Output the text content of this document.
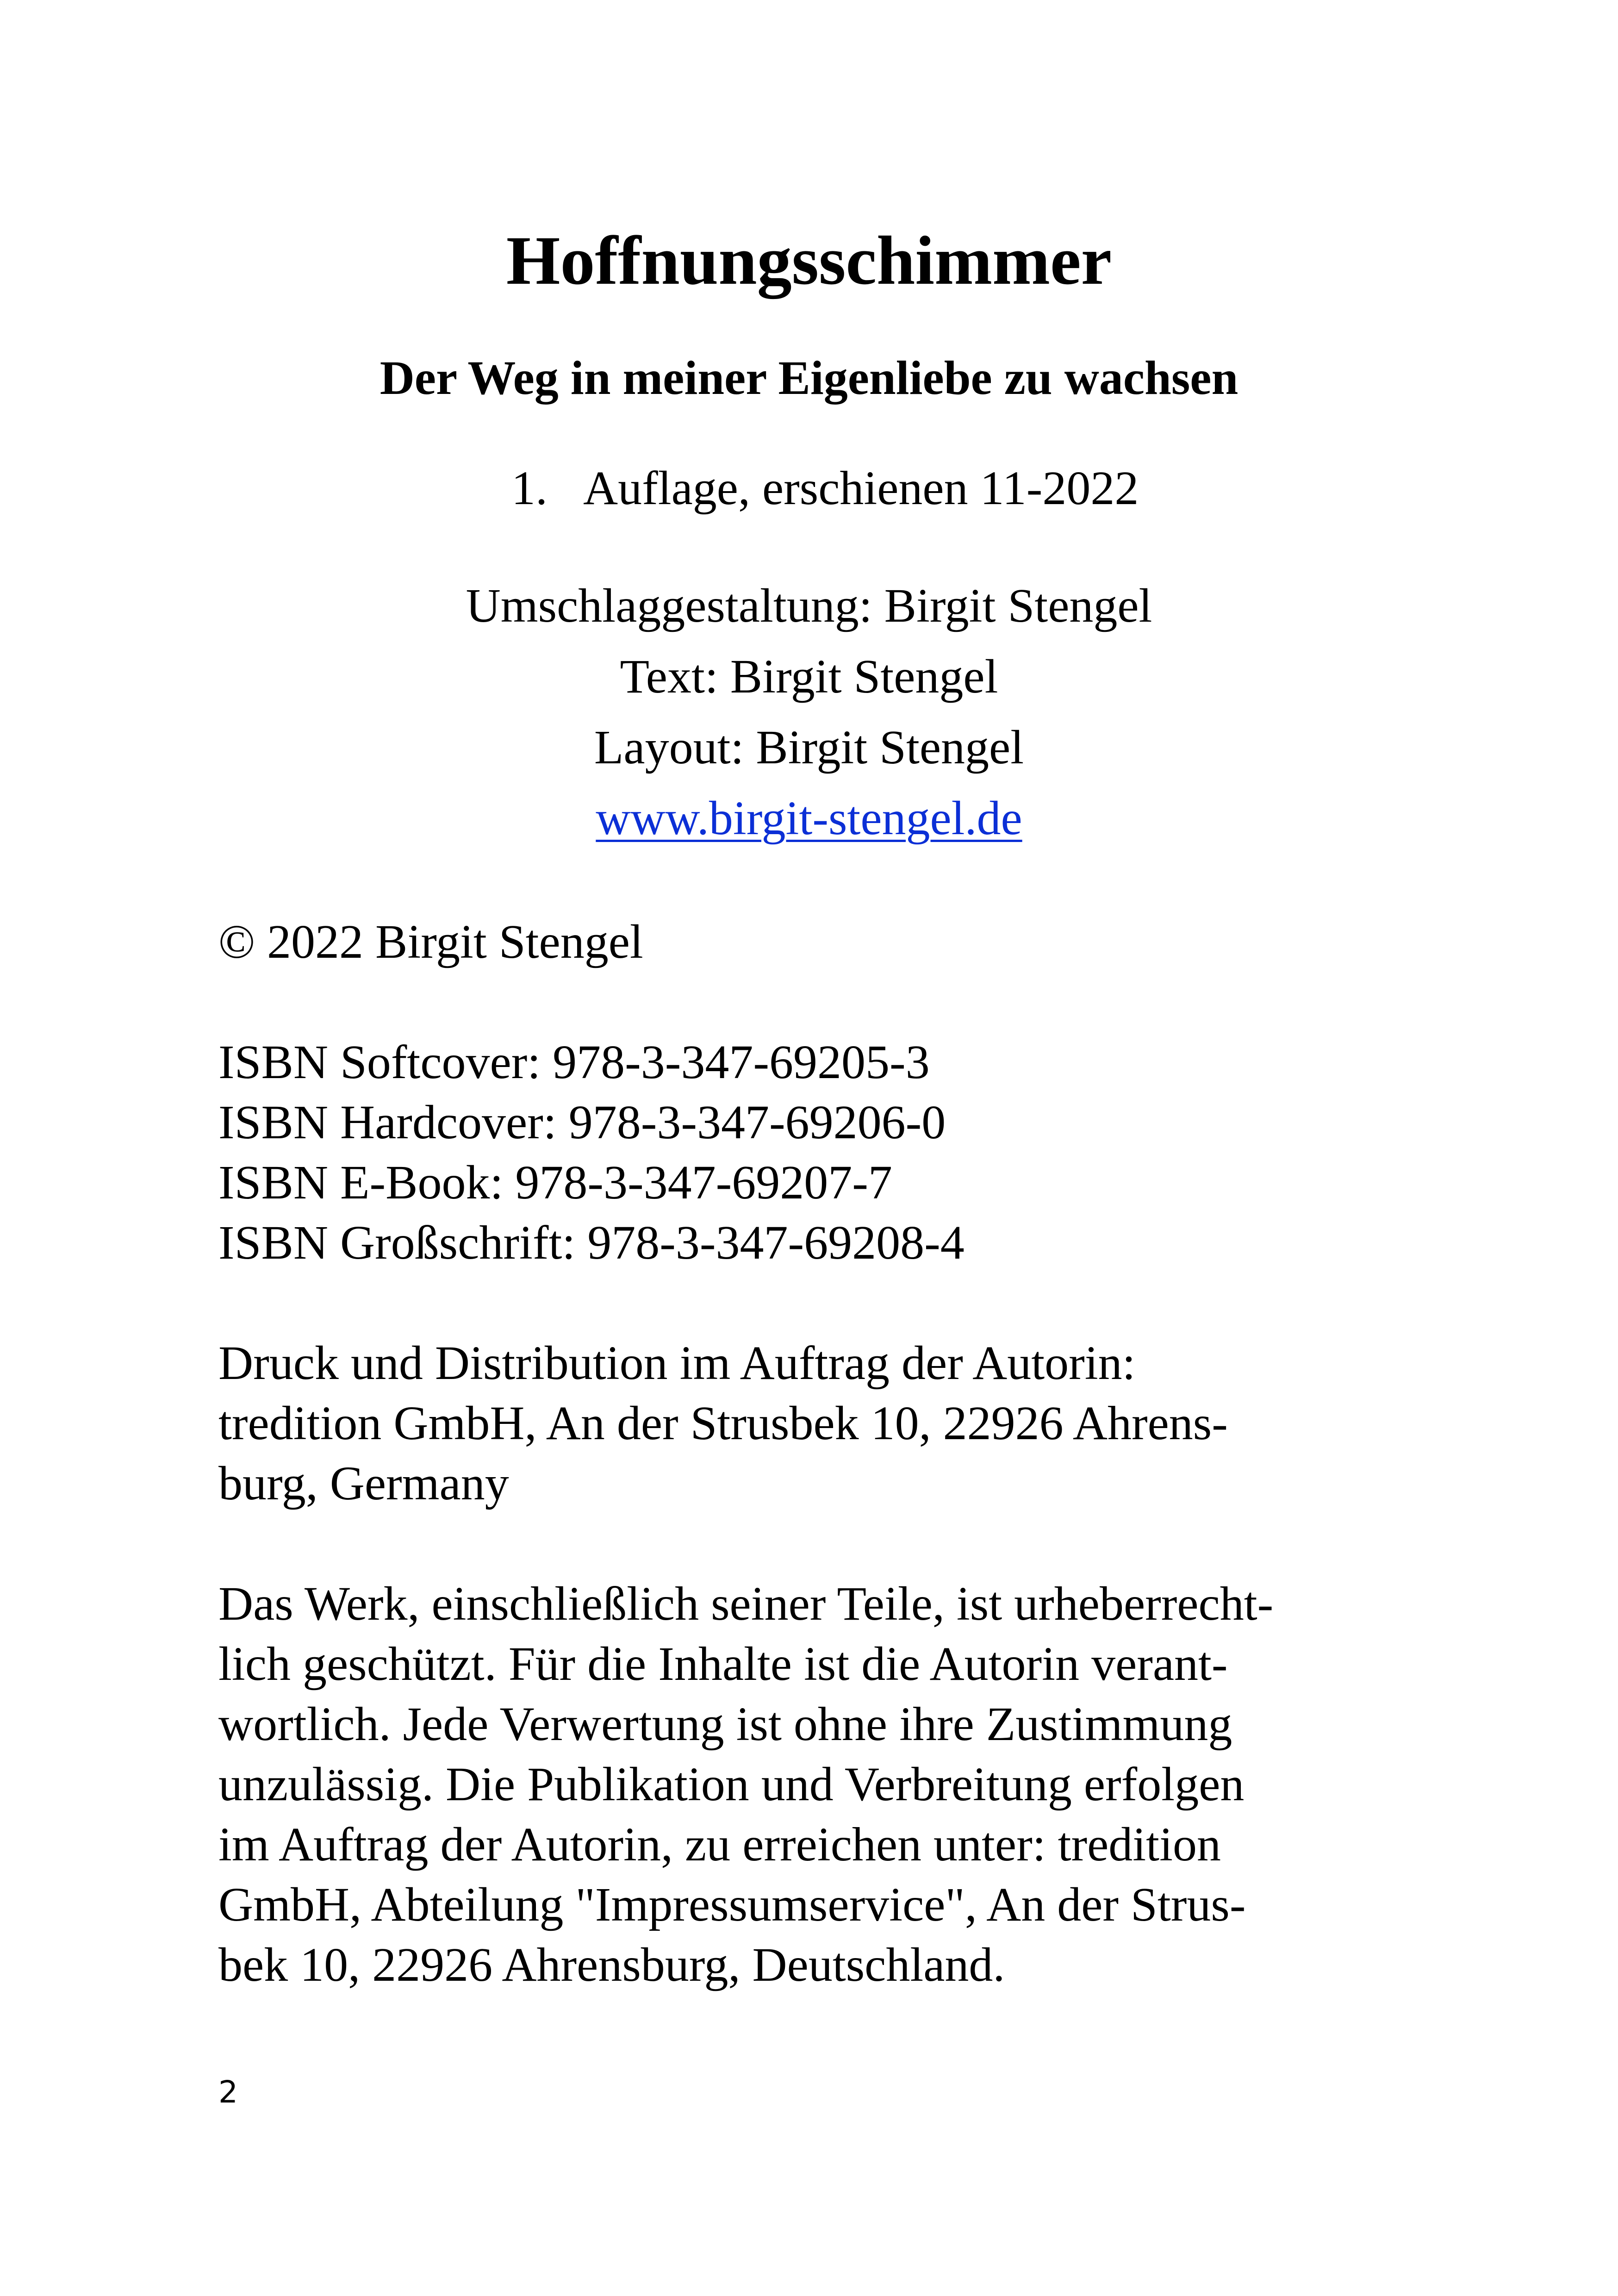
Hoffnungsschimmer
Der Weg in meiner Eigenliebe zu wachsen
1. Auflage, erschienen 11-2022
Umschlaggestaltung: Birgit Stengel
Text: Birgit Stengel
Layout: Birgit Stengel
www.birgit-stengel.de
© 2022 Birgit Stengel
ISBN Softcover: 978-3-347-69205-3
ISBN Hardcover: 978-3-347-69206-0
ISBN E-Book: 978-3-347-69207-7
ISBN Großschrift: 978-3-347-69208-4
Druck und Distribution im Auftrag der Autorin:
tredition GmbH, An der Strusbek 10, 22926 Ahrens-
burg, Germany
Das Werk, einschließlich seiner Teile, ist urheberrecht-
lich geschützt. Für die Inhalte ist die Autorin verant-
wortlich. Jede Verwertung ist ohne ihre Zustimmung
unzulässig. Die Publikation und Verbreitung erfolgen
im Auftrag der Autorin, zu erreichen unter: tredition
GmbH, Abteilung "Impressumservice", An der Strus-
bek 10, 22926 Ahrensburg, Deutschland.
2
